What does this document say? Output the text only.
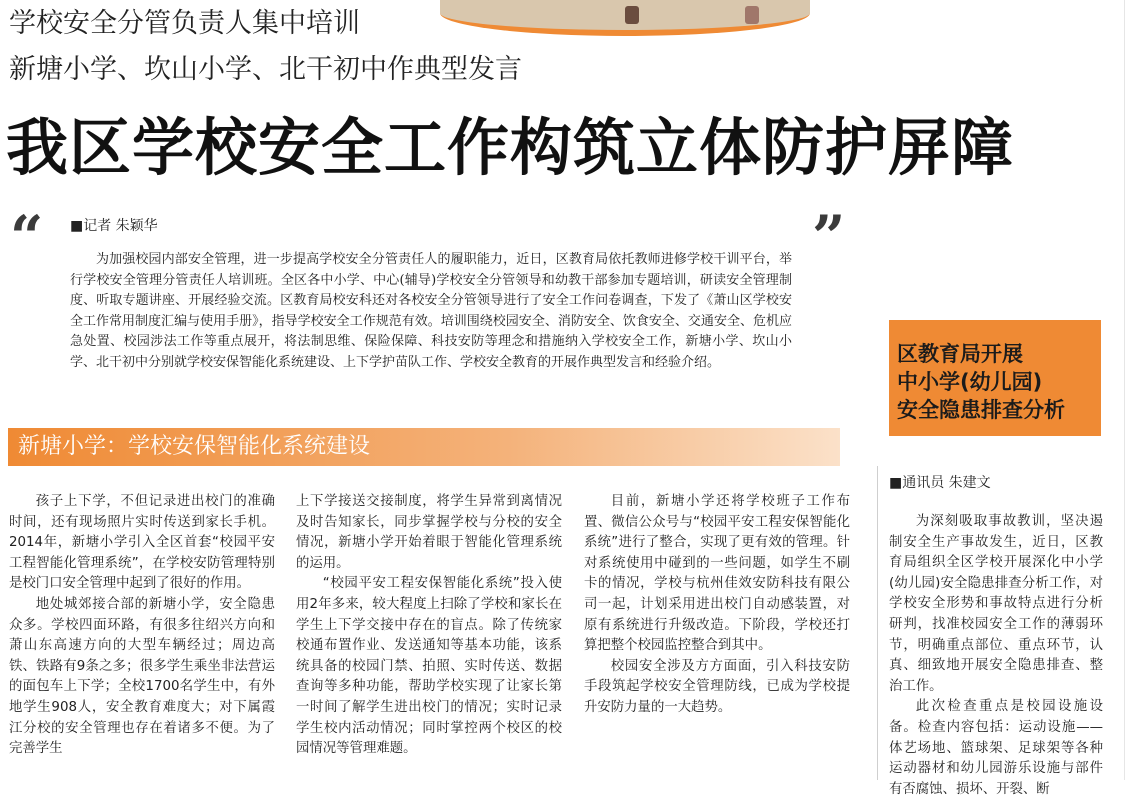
学校安全分管负责人集中培训
新塘小学、坎山小学、北干初中作典型发言
我区学校安全工作构筑立体防护屏障
“	”
■记者 朱颖华

为加强校园内部安全管理，进一步提高学校安全分管责任人的履职能力，近日，区教育局依托教师进修学校干训平台，举行学校安全管理分管责任人培训班。全区各中小学、中心(辅导)学校安全分管领导和幼教干部参加专题培训，研读安全管理制度、听取专题讲座、开展经验交流。区教育局校安科还对各校安全分管领导进行了安全工作问卷调查，下发了《萧山区学校安全工作常用制度汇编与使用手册》，指导学校安全工作规范有效。培训围绕校园安全、消防安全、饮食安全、交通安全、危机应急处置、校园涉法工作等重点展开，将法制思维、保险保障、科技安防等理念和措施纳入学校安全工作，新塘小学、坎山小学、北干初中分别就学校安保智能化系统建设、上下学护苗队工作、学校安全教育的开展作典型发言和经验介绍。	区教育局开展
中小学(幼儿园)
安全隐患排查分析
新塘小学：学校安保智能化系统建设

孩子上下学，不但记录进出校门的准确时间，还有现场照片实时传送到家长手机。2014年，新塘小学引入全区首套“校园平安工程智能化管理系统”，在学校安防管理特别是校门口安全管理中起到了很好的作用。

地处城郊接合部的新塘小学，安全隐患众多。学校四面环路，有很多往绍兴方向和萧山东高速方向的大型车辆经过；周边高铁、铁路有9条之多；很多学生乘坐非法营运的面包车上下学；全校1700名学生中，有外地学生908人，安全教育难度大；对下属霞江分校的安全管理也存在着诸多不便。为了完善学生

上下学接送交接制度，将学生异常到离情况及时告知家长，同步掌握学校与分校的安全情况，新塘小学开始着眼于智能化管理系统的运用。

“校园平安工程安保智能化系统”投入使用2年多来，较大程度上扫除了学校和家长在学生上下学交接中存在的盲点。除了传统家校通布置作业、发送通知等基本功能，该系统具备的校园门禁、拍照、实时传送、数据查询等多种功能，帮助学校实现了让家长第一时间了解学生进出校门的情况；实时记录学生校内活动情况；同时掌控两个校区的校园情况等管理难题。

目前，新塘小学还将学校班子工作布置、微信公众号与“校园平安工程安保智能化系统”进行了整合，实现了更有效的管理。针对系统使用中碰到的一些问题，如学生不刷卡的情况，学校与杭州佳效安防科技有限公司一起，计划采用进出校门自动感装置，对原有系统进行升级改造。下阶段，学校还打算把整个校园监控整合到其中。

校园安全涉及方方面面，引入科技安防手段筑起学校安全管理防线，已成为学校提升安防力量的一大趋势。

■通讯员 朱建文

为深刻吸取事故教训，坚决遏制安全生产事故发生，近日，区教育局组织全区学校开展深化中小学(幼儿园)安全隐患排查分析工作，对学校安全形势和事故特点进行分析研判，找准校园安全工作的薄弱环节，明确重点部位、重点环节，认真、细致地开展安全隐患排查、整治工作。

此次检查重点是校园设施设备。检查内容包括：运动设施——体艺场地、篮球架、足球架等各种运动器材和幼儿园游乐设施与部件有否腐蚀、损坏、开裂、断
